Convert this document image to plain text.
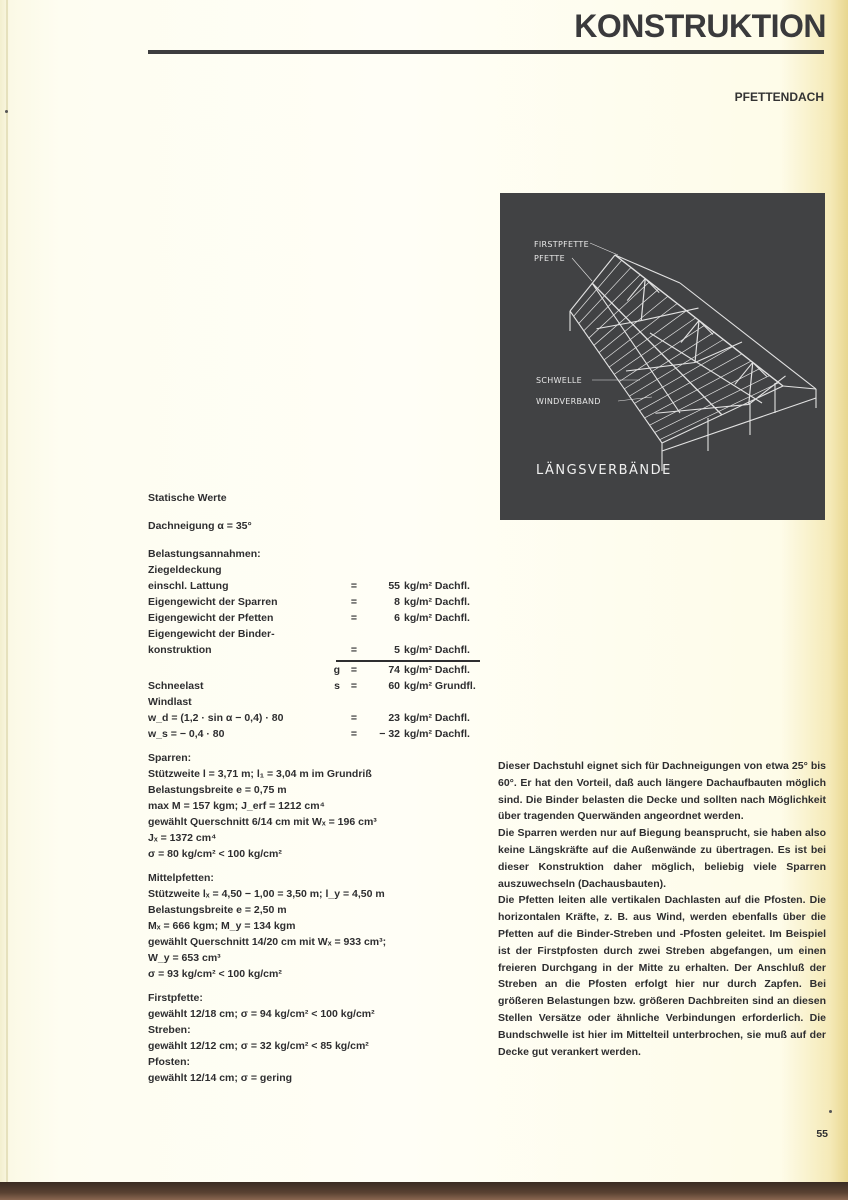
KONSTRUKTION
PFETTENDACH
FIRSTPFETTE
PFETTE
SCHWELLE
WINDVERBAND
LÄNGSVERBÄNDE
Statische Werte
Dachneigung α = 35°
Belastungsannahmen:
Ziegeldeckung
einschl. Lattung	=	55 kg/m² Dachfl.
Eigengewicht der Sparren	=	8 kg/m² Dachfl.
Eigengewicht der Pfetten	=	6 kg/m² Dachfl.
Eigengewicht der Binder-
konstruktion	=	5 kg/m² Dachfl.
g	=	74 kg/m² Dachfl.
Schneelast	s	=	60 kg/m² Grundfl.
Windlast
w_d = (1,2 · sin α − 0,4) · 80	=	23 kg/m² Dachfl.
w_s = − 0,4 · 80	=	− 32 kg/m² Dachfl.
Sparren:
Stützweite l = 3,71 m; l₁ = 3,04 m im Grundriß
Belastungsbreite e = 0,75 m
max M = 157 kgm; J_erf = 1212 cm⁴
gewählt Querschnitt 6/14 cm mit Wₓ = 196 cm³
Jₓ = 1372 cm⁴
σ = 80 kg/cm² < 100 kg/cm²
Mittelpfetten:
Stützweite lₓ = 4,50 − 1,00 = 3,50 m; l_y = 4,50 m
Belastungsbreite e = 2,50 m
Mₓ = 666 kgm; M_y = 134 kgm
gewählt Querschnitt 14/20 cm mit Wₓ = 933 cm³;
W_y = 653 cm³
σ = 93 kg/cm² < 100 kg/cm²
Firstpfette:
gewählt 12/18 cm; σ = 94 kg/cm² < 100 kg/cm²
Streben:
gewählt 12/12 cm; σ = 32 kg/cm² < 85 kg/cm²
Pfosten:
gewählt 12/14 cm; σ = gering

Dieser Dachstuhl eignet sich für Dachneigungen von etwa 25° bis 60°. Er hat den Vorteil, daß auch längere Dachaufbauten möglich sind. Die Binder belasten die Decke und sollten nach Möglichkeit über tragenden Querwänden angeordnet werden.

Die Sparren werden nur auf Biegung beansprucht, sie haben also keine Längskräfte auf die Außenwände zu übertragen. Es ist bei dieser Konstruktion daher möglich, beliebig viele Sparren auszuwechseln (Dachausbauten).

Die Pfetten leiten alle vertikalen Dachlasten auf die Pfosten. Die horizontalen Kräfte, z. B. aus Wind, werden ebenfalls über die Pfetten auf die Binder-Streben und -Pfosten geleitet. Im Beispiel ist der Firstpfosten durch zwei Streben abgefangen, um einen freieren Durchgang in der Mitte zu erhalten. Der Anschluß der Streben an die Pfosten erfolgt hier nur durch Zapfen. Bei größeren Belastungen bzw. größeren Dachbreiten sind an diesen Stellen Versätze oder ähnliche Verbindungen erforderlich. Die Bundschwelle ist hier im Mittelteil unterbrochen, sie muß auf der Decke gut verankert werden.

55
